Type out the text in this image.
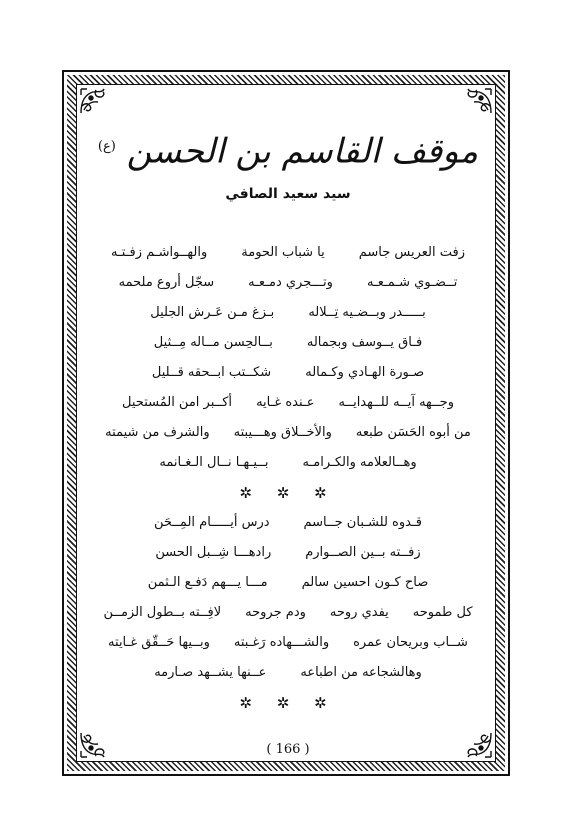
موقف القاسم بن الحسن $^{(ع)}$
سيد سعيد الصافي
زفت العريس جاسم
يا شباب الحومة
والهــواشـم زفـتـه
تــضـوي شـمـعـه
وتـــجري دمـعـه
سجّل أروع ملحمه
بـــــدر وبــضـيه تِــلاله
بـزغ مـن عَـرش الجليل
فـاق يــوسف وبجماله
بــالحِسن مــاله مِــثيل
صـورة الهـادي وكـماله
شكــتب ابــحقه قــليل
وجــهه آيــه للــهدايــه
عـنده غـايه
أكــبر امن المُستحيل
من أبوه الحَسَن طبعه
والأخــلاق وهـــيبته
والشرف من شيمته
وهــالعلامه والكـرامـه
بــيـهـا نــال الـغـانمه
✲ ✲ ✲
قـدوه للشـبان جــاسم
درس أيـــــام المِــحَن
زفــته بــين الصــوارم
رادهـــا شِــبل الحسن
صاح كـون احسين سالم
مـــا يـــهم دَفـع الـثمن
كل طموحه
يفدي روحه
ودم جروحه
لافِــته بــطول الزمــن
شــاب وبريحان عمره
والشـــهاده رَغـبته
وبــيها حَــقّق غـايته
وهالشجاعه من اطباعه
عــنها يشــهد صـارمه
✲ ✲ ✲
( 166 )
